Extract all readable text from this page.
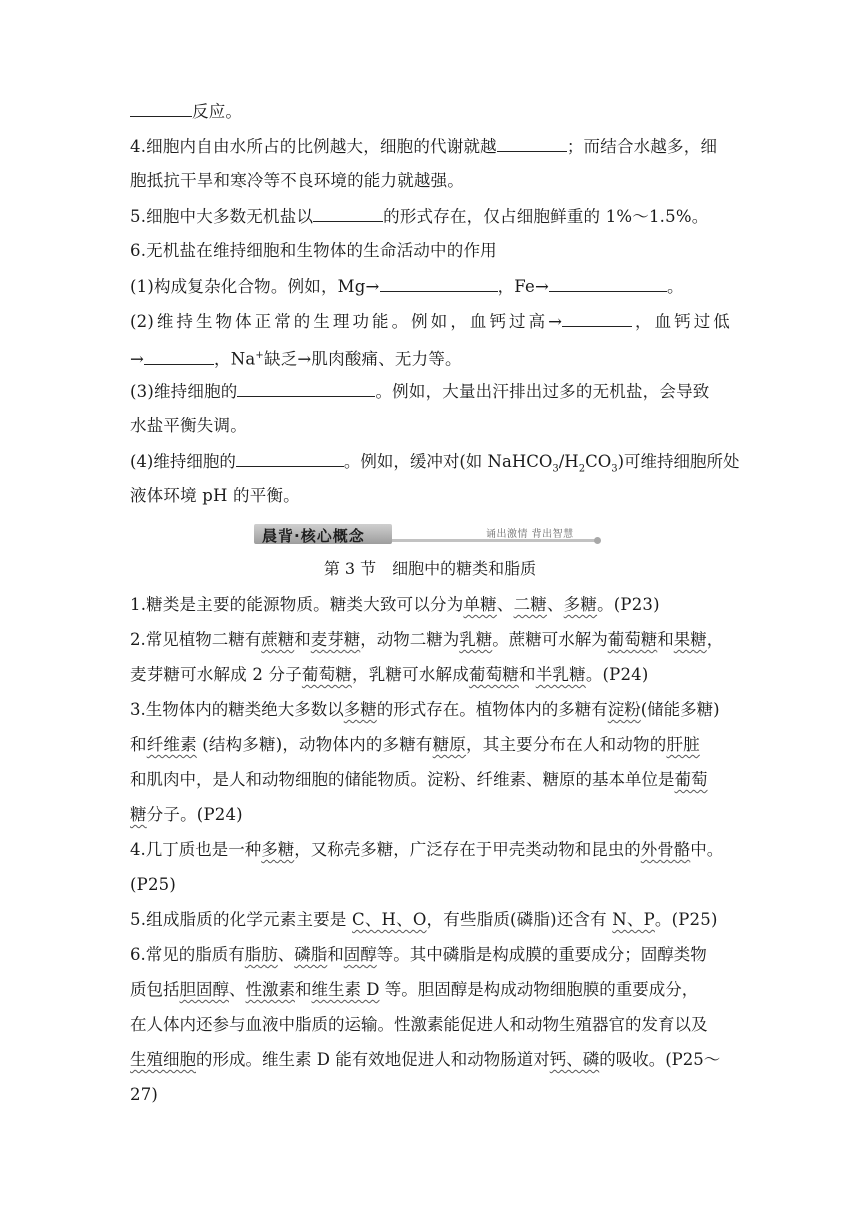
反应。
4.细胞内自由水所占的比例越大，细胞的代谢就越	；而结合水越多，细
胞抵抗干旱和寒冷等不良环境的能力就越强。
5.细胞中大多数无机盐以	的形式存在，仅占细胞鲜重的 1%～1.5%。
6.无机盐在维持细胞和生物体的生命活动中的作用
(1)构成复杂化合物。例如，Mg→	，Fe→	。
(2)维持生物体正常的生理功能。例如，血钙过高→	，血钙过低
→	，Na+缺乏→肌肉酸痛、无力等。
(3)维持细胞的	。例如，大量出汗排出过多的无机盐，会导致
水盐平衡失调。
(4)维持细胞的	。例如，缓冲对(如 $NaHCO_3/H_2CO_3$)可维持细胞所处
液体环境 pH 的平衡。
晨背·核心概念	诵出激情 背出智慧
第 3 节　细胞中的糖类和脂质
1.糖类是主要的能源物质。糖类大致可以分为单糖、二糖、多糖。(P23)
2.常见植物二糖有蔗糖和麦芽糖，动物二糖为乳糖。蔗糖可水解为葡萄糖和果糖，
麦芽糖可水解成 2 分子葡萄糖，乳糖可水解成葡萄糖和半乳糖。(P24)
3.生物体内的糖类绝大多数以多糖的形式存在。植物体内的多糖有淀粉(储能多糖)
和纤维素 (结构多糖)，动物体内的多糖有糖原，其主要分布在人和动物的肝脏
和肌肉中，是人和动物细胞的储能物质。淀粉、纤维素、糖原的基本单位是葡萄
糖分子。(P24)
4.几丁质也是一种多糖，又称壳多糖，广泛存在于甲壳类动物和昆虫的外骨骼中。
(P25)
5.组成脂质的化学元素主要是 C、H、O，有些脂质(磷脂)还含有 N、P。(P25)
6.常见的脂质有脂肪、磷脂和固醇等。其中磷脂是构成膜的重要成分；固醇类物
质包括胆固醇、性激素和维生素 D 等。胆固醇是构成动物细胞膜的重要成分，
在人体内还参与血液中脂质的运输。性激素能促进人和动物生殖器官的发育以及
生殖细胞的形成。维生素 D 能有效地促进人和动物肠道对钙、磷的吸收。(P25～
27)
